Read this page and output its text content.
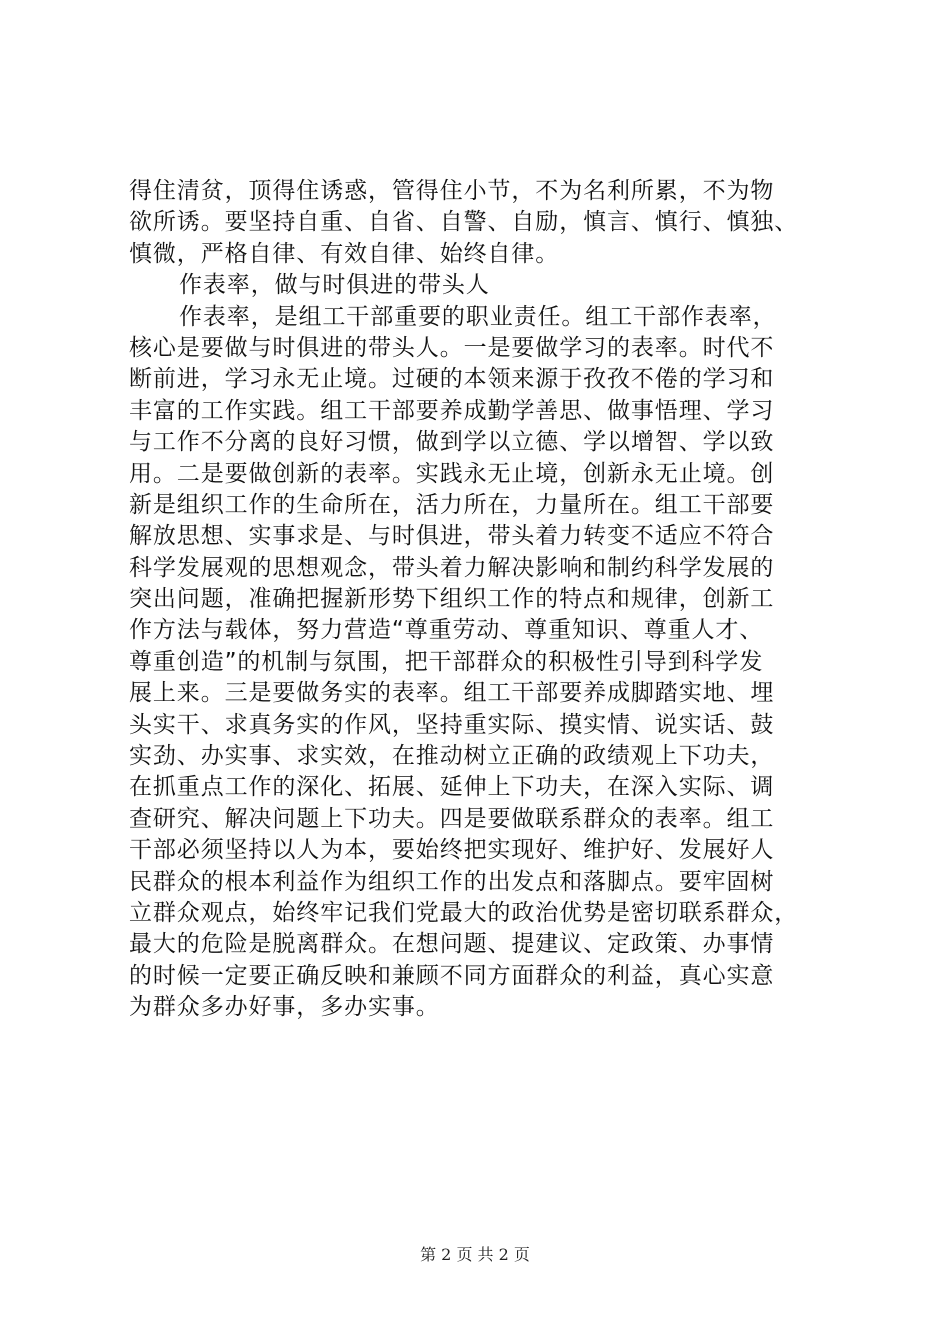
得住清贫，顶得住诱惑，管得住小节，不为名利所累，不为物
欲所诱。要坚持自重、自省、自警、自励，慎言、慎行、慎独、
慎微，严格自律、有效自律、始终自律。
作表率，做与时俱进的带头人
作表率，是组工干部重要的职业责任。组工干部作表率，
核心是要做与时俱进的带头人。一是要做学习的表率。时代不
断前进，学习永无止境。过硬的本领来源于孜孜不倦的学习和
丰富的工作实践。组工干部要养成勤学善思、做事悟理、学习
与工作不分离的良好习惯，做到学以立德、学以增智、学以致
用。二是要做创新的表率。实践永无止境，创新永无止境。创
新是组织工作的生命所在，活力所在，力量所在。组工干部要
解放思想、实事求是、与时俱进，带头着力转变不适应不符合
科学发展观的思想观念，带头着力解决影响和制约科学发展的
突出问题，准确把握新形势下组织工作的特点和规律，创新工
作方法与载体，努力营造“尊重劳动、尊重知识、尊重人才、
尊重创造”的机制与氛围，把干部群众的积极性引导到科学发
展上来。三是要做务实的表率。组工干部要养成脚踏实地、埋
头实干、求真务实的作风，坚持重实际、摸实情、说实话、鼓
实劲、办实事、求实效，在推动树立正确的政绩观上下功夫，
在抓重点工作的深化、拓展、延伸上下功夫，在深入实际、调
查研究、解决问题上下功夫。四是要做联系群众的表率。组工
干部必须坚持以人为本，要始终把实现好、维护好、发展好人
民群众的根本利益作为组织工作的出发点和落脚点。要牢固树
立群众观点，始终牢记我们党最大的政治优势是密切联系群众，
最大的危险是脱离群众。在想问题、提建议、定政策、办事情
的时候一定要正确反映和兼顾不同方面群众的利益，真心实意
为群众多办好事，多办实事。
第 2 页 共 2 页
